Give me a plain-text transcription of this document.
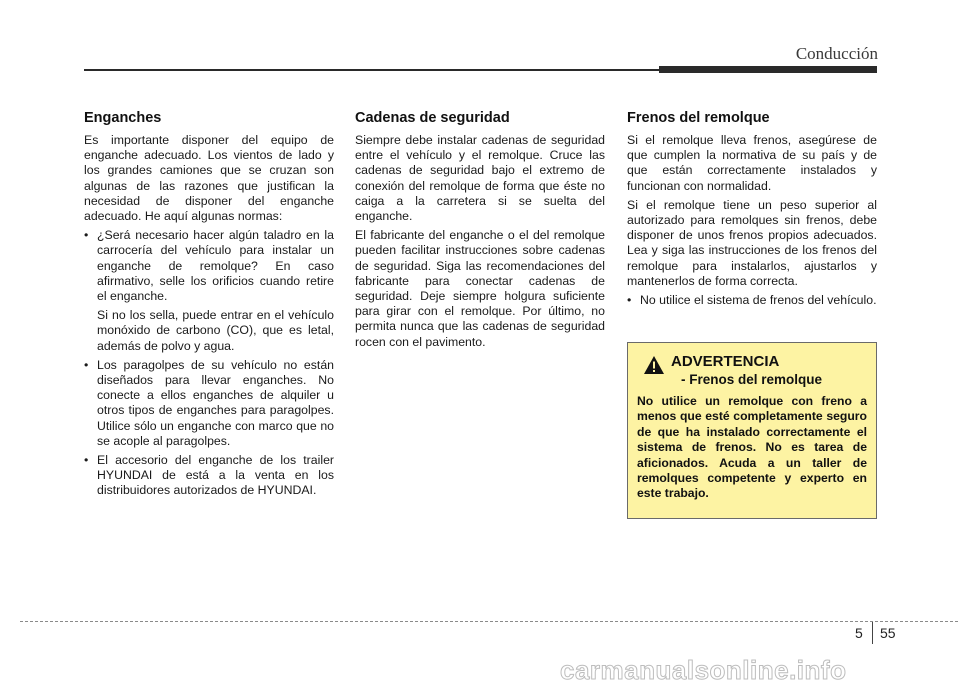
Conducción
Enganches

Es importante disponer del equipo de enganche adecuado. Los vientos de lado y los grandes camiones que se cruzan son algunas de las razones que justifican la necesidad de disponer del enganche adecuado. He aquí algunas normas:

• ¿Será necesario hacer algún taladro en la carrocería del vehículo para instalar un enganche de remolque? En caso afirmativo, selle los orificios cuando retire el enganche.

Si no los sella, puede entrar en el vehículo monóxido de carbono (CO), que es letal, además de polvo y agua.

• Los paragolpes de su vehículo no están diseñados para llevar enganches. No conecte a ellos enganches de alquiler u otros tipos de enganches para paragolpes. Utilice sólo un enganche con marco que no se acople al paragolpes.
• El accesorio del enganche de los trailer HYUNDAI de está a la venta en los distribuidores autorizados de HYUNDAI.
Cadenas de seguridad

Siempre debe instalar cadenas de seguridad entre el vehículo y el remolque. Cruce las cadenas de seguridad bajo el extremo de conexión del remolque de forma que éste no caiga a la carretera si se suelta del enganche.

El fabricante del enganche o el del remolque pueden facilitar instrucciones sobre cadenas de seguridad. Siga las recomendaciones del fabricante para conectar cadenas de seguridad. Deje siempre holgura suficiente para girar con el remolque. Por último, no permita nunca que las cadenas de seguridad rocen con el pavimento.

Frenos del remolque

Si el remolque lleva frenos, asegúrese de que cumplen la normativa de su país y de que están correctamente instalados y funcionan con normalidad.

Si el remolque tiene un peso superior al autorizado para remolques sin frenos, debe disponer de unos frenos propios adecuados. Lea y siga las instrucciones de los frenos del remolque para instalarlos, ajustarlos y mantenerlos de forma correcta.

• No utilice el sistema de frenos del vehículo.
ADVERTENCIA
- Frenos del remolque
No utilice un remolque con freno a menos que esté completamente seguro de que ha instalado correctamente el sistema de frenos. No es tarea de aficionados. Acuda a un taller de remolques competente y experto en este trabajo.
5 55
carmanualsonline.info
